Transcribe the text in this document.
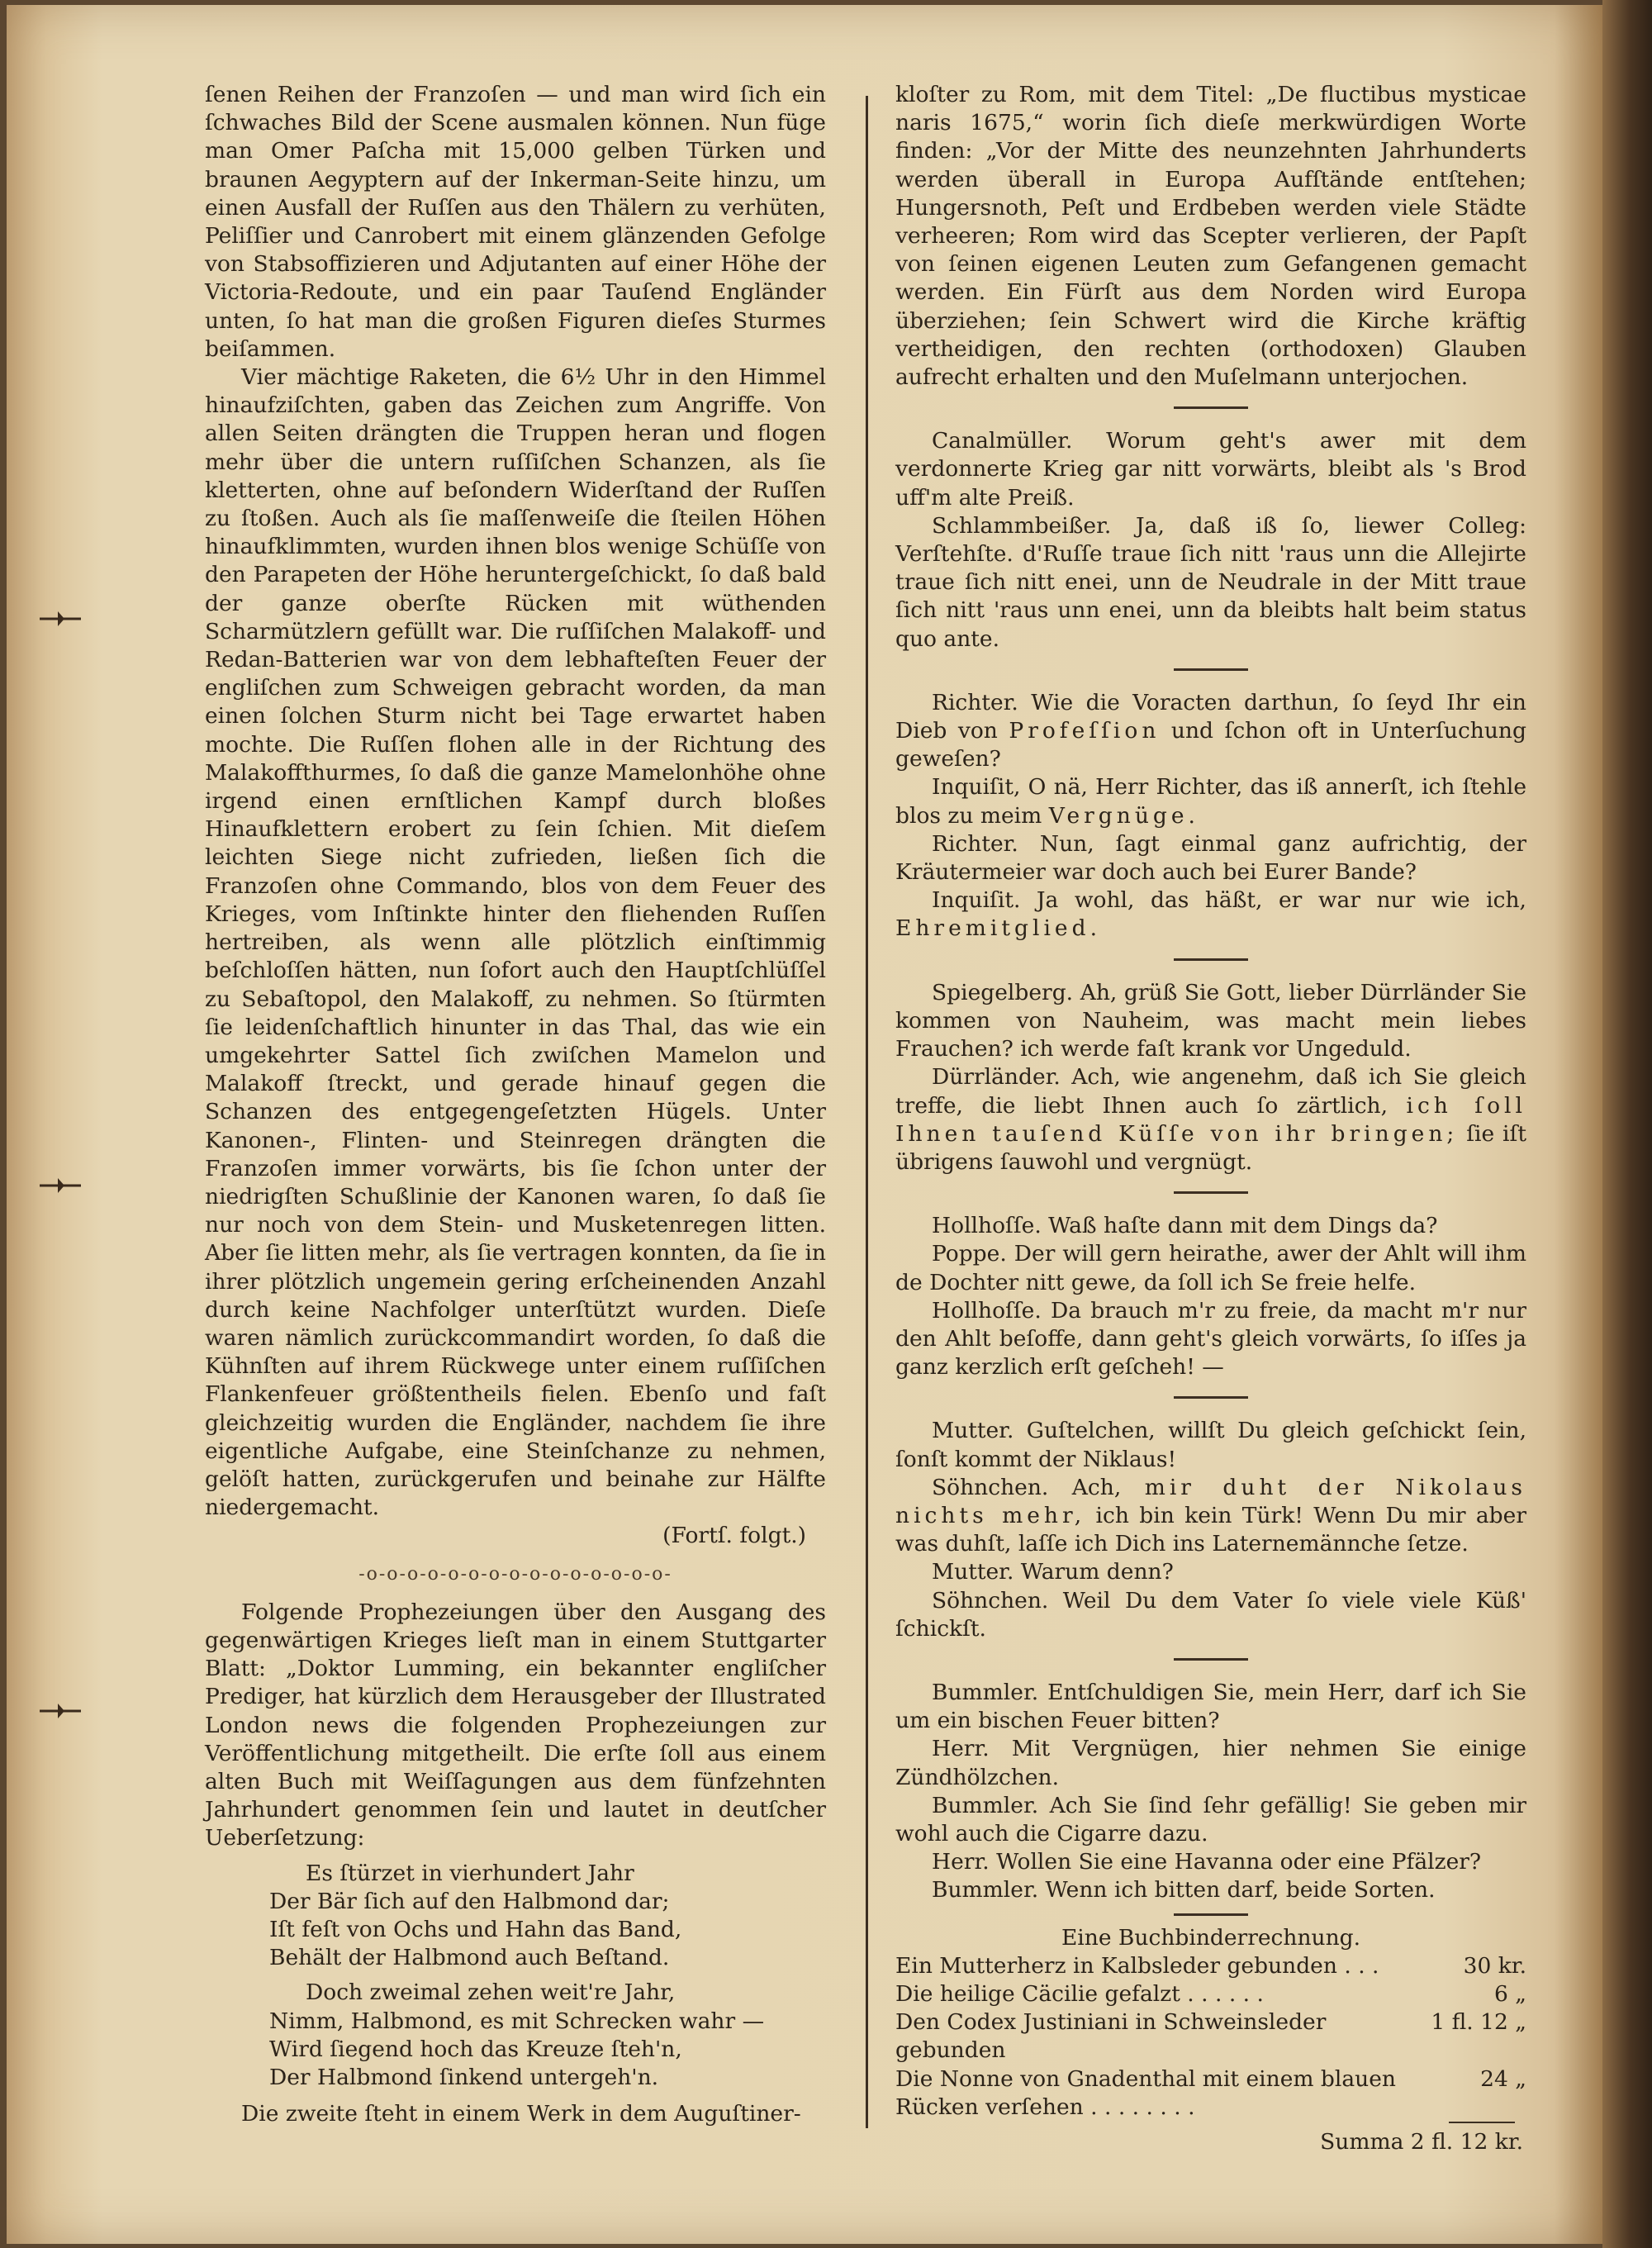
ſenen Reihen der Franzoſen — und man wird ſich ein ſchwaches Bild der Scene ausmalen können. Nun füge man Omer Paſcha mit 15,000 gelben Türken und braunen Aegyptern auf der Inkerman-Seite hinzu, um einen Ausfall der Ruſſen aus den Thälern zu verhüten, Peliſſier und Canrobert mit einem glänzenden Gefolge von Stabsoffizieren und Adjutanten auf einer Höhe der Victoria-Redoute, und ein paar Tauſend Engländer unten, ſo hat man die großen Figuren dieſes Sturmes beiſammen.

Vier mächtige Raketen, die 6½ Uhr in den Himmel hinaufziſchten, gaben das Zeichen zum Angriffe. Von allen Seiten drängten die Truppen heran und flogen mehr über die untern ruſſiſchen Schanzen, als ſie kletterten, ohne auf beſondern Widerſtand der Ruſſen zu ſtoßen. Auch als ſie maſſenweiſe die ſteilen Höhen hinaufklimmten, wurden ihnen blos wenige Schüſſe von den Parapeten der Höhe heruntergeſchickt, ſo daß bald der ganze oberſte Rücken mit wüthenden Scharmützlern gefüllt war. Die ruſſiſchen Malakoff- und Redan-Batterien war von dem lebhafteſten Feuer der engliſchen zum Schweigen gebracht worden, da man einen ſolchen Sturm nicht bei Tage erwartet haben mochte. Die Ruſſen flohen alle in der Richtung des Malakoffthurmes, ſo daß die ganze Mamelonhöhe ohne irgend einen ernſtlichen Kampf durch bloßes Hinaufklettern erobert zu ſein ſchien. Mit dieſem leichten Siege nicht zufrieden, ließen ſich die Franzoſen ohne Commando, blos von dem Feuer des Krieges, vom Inſtinkte hinter den fliehenden Ruſſen hertreiben, als wenn alle plötzlich einſtimmig beſchloſſen hätten, nun ſofort auch den Hauptſchlüſſel zu Sebaſtopol, den Malakoff, zu nehmen. So ſtürmten ſie leidenſchaftlich hinunter in das Thal, das wie ein umgekehrter Sattel ſich zwiſchen Mamelon und Malakoff ſtreckt, und gerade hinauf gegen die Schanzen des entgegengeſetzten Hügels. Unter Kanonen-, Flinten- und Steinregen drängten die Franzoſen immer vorwärts, bis ſie ſchon unter der niedrigſten Schußlinie der Kanonen waren, ſo daß ſie nur noch von dem Stein- und Musketenregen litten. Aber ſie litten mehr, als ſie vertragen konnten, da ſie in ihrer plötzlich ungemein gering erſcheinenden Anzahl durch keine Nachfolger unterſtützt wurden. Dieſe waren nämlich zurückcommandirt worden, ſo daß die Kühnſten auf ihrem Rückwege unter einem ruſſiſchen Flankenfeuer größtentheils fielen. Ebenſo und faſt gleichzeitig wurden die Engländer, nachdem ſie ihre eigentliche Aufgabe, eine Steinſchanze zu nehmen, gelöſt hatten, zurückgerufen und beinahe zur Hälfte niedergemacht.

(Fortſ. folgt.)

-o-o-o-o-o-o-o-o-o-o-o-o-o-o-o-

Folgende Prophezeiungen über den Ausgang des gegenwärtigen Krieges lieſt man in einem Stuttgarter Blatt: „Doktor Lumming, ein bekannter engliſcher Prediger, hat kürzlich dem Herausgeber der Illustrated London news die folgenden Prophezeiungen zur Veröffentlichung mitgetheilt. Die erſte ſoll aus einem alten Buch mit Weiſſagungen aus dem fünfzehnten Jahrhundert genommen ſein und lautet in deutſcher Ueberſetzung:

Es ſtürzet in vierhundert Jahr
Der Bär ſich auf den Halbmond dar;
Iſt feſt von Ochs und Hahn das Band,
Behält der Halbmond auch Beſtand.
Doch zweimal zehen weit're Jahr,
Nimm, Halbmond, es mit Schrecken wahr —
Wird ſiegend hoch das Kreuze ſteh'n,
Der Halbmond ſinkend untergeh'n.

Die zweite ſteht in einem Werk in dem Auguſtiner-

kloſter zu Rom, mit dem Titel: „De fluctibus mysticae naris 1675,“ worin ſich dieſe merkwürdigen Worte finden: „Vor der Mitte des neunzehnten Jahrhunderts werden überall in Europa Aufſtände entſtehen; Hungersnoth, Peſt und Erdbeben werden viele Städte verheeren; Rom wird das Scepter verlieren, der Papſt von ſeinen eigenen Leuten zum Gefangenen gemacht werden. Ein Fürſt aus dem Norden wird Europa überziehen; ſein Schwert wird die Kirche kräftig vertheidigen, den rechten (orthodoxen) Glauben aufrecht erhalten und den Muſelmann unterjochen.

Canalmüller. Worum geht's awer mit dem verdonnerte Krieg gar nitt vorwärts, bleibt als 's Brod uff'm alte Preiß.

Schlammbeißer. Ja, daß iß ſo, liewer Colleg: Verſtehſte. d'Ruſſe traue ſich nitt 'raus unn die Allejirte traue ſich nitt enei, unn de Neudrale in der Mitt traue ſich nitt 'raus unn enei, unn da bleibts halt beim status quo ante.

Richter. Wie die Voracten darthun, ſo ſeyd Ihr ein Dieb von Profeſſion und ſchon oft in Unterſuchung geweſen?

Inquiſit, O nä, Herr Richter, das iß annerſt, ich ſtehle blos zu meim Vergnüge.

Richter. Nun, ſagt einmal ganz aufrichtig, der Kräutermeier war doch auch bei Eurer Bande?

Inquiſit. Ja wohl, das häßt, er war nur wie ich, Ehremitglied.

Spiegelberg. Ah, grüß Sie Gott, lieber Dürrländer Sie kommen von Nauheim, was macht mein liebes Frauchen? ich werde faſt krank vor Ungeduld.

Dürrländer. Ach, wie angenehm, daß ich Sie gleich treffe, die liebt Ihnen auch ſo zärtlich, ich ſoll Ihnen tauſend Küſſe von ihr bringen; ſie iſt übrigens ſauwohl und vergnügt.

Hollhoſſe. Waß haſte dann mit dem Dings da?

Poppe. Der will gern heirathe, awer der Ahlt will ihm de Dochter nitt gewe, da ſoll ich Se freie helfe.

Hollhoſſe. Da brauch m'r zu freie, da macht m'r nur den Ahlt beſoffe, dann geht's gleich vorwärts, ſo iſſes ja ganz kerzlich erſt geſcheh! —

Mutter. Guſtelchen, willſt Du gleich geſchickt ſein, ſonſt kommt der Niklaus!

Söhnchen. Ach, mir duht der Nikolaus nichts mehr, ich bin kein Türk! Wenn Du mir aber was duhſt, laſſe ich Dich ins Laternemännche ſetze.

Mutter. Warum denn?

Söhnchen. Weil Du dem Vater ſo viele viele Küß' ſchickſt.

Bummler. Entſchuldigen Sie, mein Herr, darf ich Sie um ein bischen Feuer bitten?

Herr. Mit Vergnügen, hier nehmen Sie einige Zündhölzchen.

Bummler. Ach Sie ſind ſehr gefällig! Sie geben mir wohl auch die Cigarre dazu.

Herr. Wollen Sie eine Havanna oder eine Pfälzer?

Bummler. Wenn ich bitten darf, beide Sorten.

Eine Buchbinderrechnung.
Ein Mutterherz in Kalbsleder gebunden . . .	30 kr.
Die heilige Cäcilie gefalzt . . . . . .	6 „
Den Codex Justiniani in Schweinsleder gebunden
1 fl. 12 „
Die Nonne von Gnadenthal mit einem blauen Rücken verſehen . . . . . . . .
24 „
Summa 2 fl. 12 kr.
